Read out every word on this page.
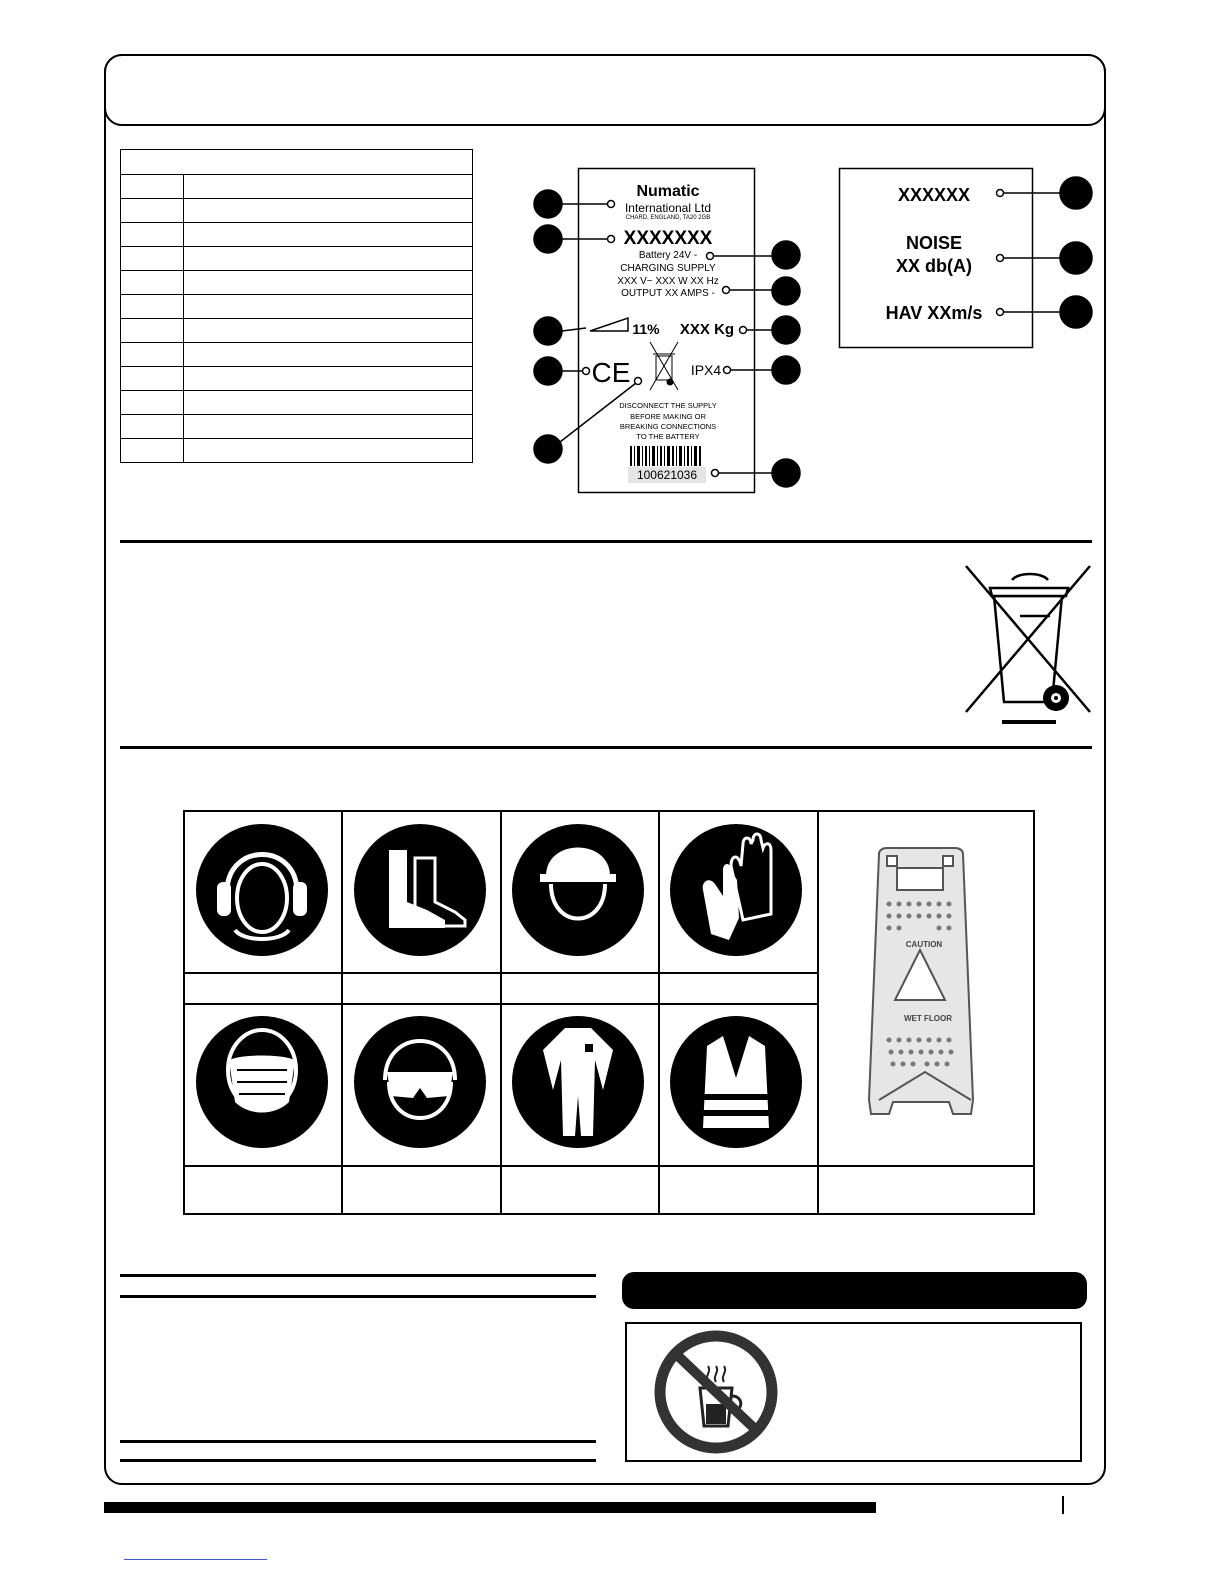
Numatic
International Ltd
CHARD, ENGLAND, TA20 2GB
XXXXXXX
Battery 24V -
CHARGING SUPPLY
XXX V~ XXX W XX Hz
OUTPUT XX AMPS -
11%	XXX Kg
CE	IPX4
DISCONNECT THE SUPPLY
BEFORE MAKING OR
BREAKING CONNECTIONS
TO THE BATTERY
100621036
XXXXXX
NOISE
XX db(A)
HAV XXm/s
CAUTION
WET FLOOR
